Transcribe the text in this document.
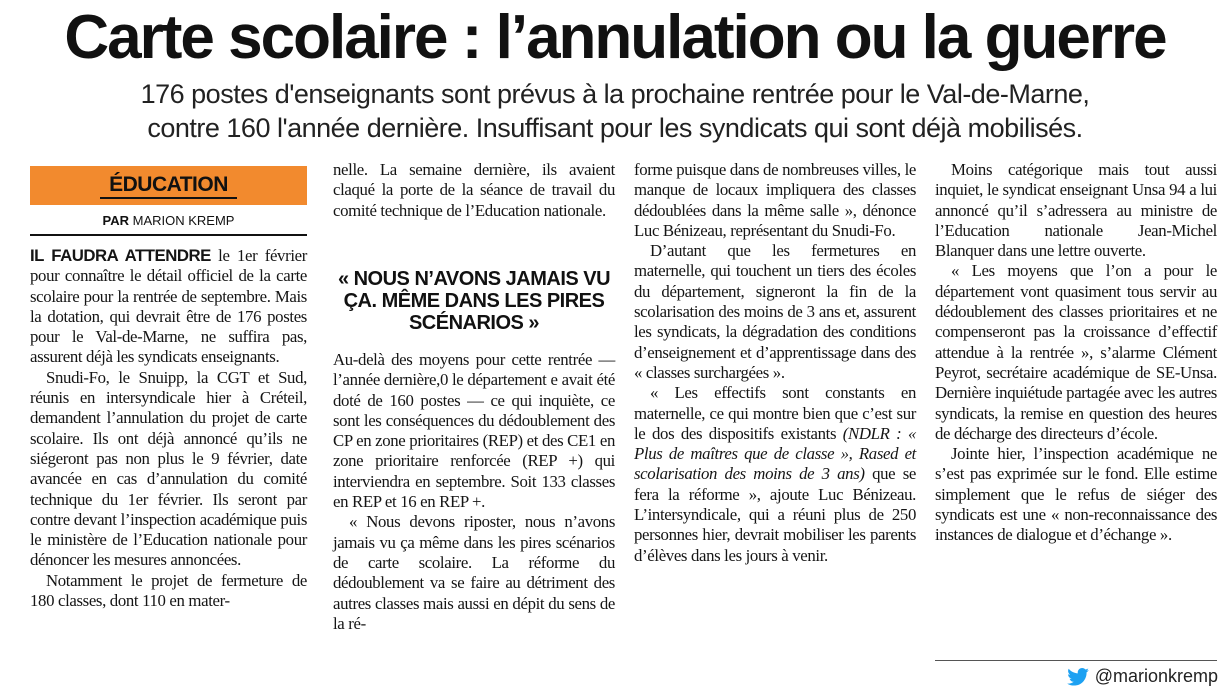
Carte scolaire : l’annulation ou la guerre
176 postes d'enseignants sont prévus à la prochaine rentrée pour le Val-de-Marne,
contre 160 l'année dernière. Insuffisant pour les syndicats qui sont déjà mobilisés.
ÉDUCATION
PAR MARION KREMP

IL FAUDRA ATTENDRE le 1er février pour connaître le détail officiel de la carte scolaire pour la rentrée de septembre. Mais la dotation, qui devrait être de 176 postes pour le Val-de-Marne, ne suffira pas, assurent déjà les syndicats enseignants.

Snudi-Fo, le Snuipp, la CGT et Sud, réunis en intersyndicale hier à Créteil, demandent l’annulation du projet de carte scolaire. Ils ont déjà annoncé qu’ils ne siégeront pas non plus le 9 février, date avancée en cas d’annulation du comité technique du 1er février. Ils seront par contre devant l’inspection académique puis le ministère de l’Education nationale pour dénoncer les mesures annoncées.

Notamment le projet de fermeture de 180 classes, dont 110 en mater-

nelle. La semaine dernière, ils avaient claqué la porte de la séance de travail du comité technique de l’Education nationale.

« NOUS N’AVONS JAMAIS VU ÇA. MÊME DANS LES PIRES SCÉNARIOS »

Au-delà des moyens pour cette rentrée — l’année dernière,0 le département e avait été doté de 160 postes — ce qui inquiète, ce sont les conséquences du dédoublement des CP en zone prioritaires (REP) et des CE1 en zone prioritaire renforcée (REP +) qui interviendra en septembre. Soit 133 classes en REP et 16 en REP +.

« Nous devons riposter, nous n’avons jamais vu ça même dans les pires scénarios de carte scolaire. La réforme du dédoublement va se faire au détriment des autres classes mais aussi en dépit du sens de la ré-

forme puisque dans de nombreuses villes, le manque de locaux impliquera des classes dédoublées dans la même salle », dénonce Luc Bénizeau, représentant du Snudi-Fo.

D’autant que les fermetures en maternelle, qui touchent un tiers des écoles du département, signeront la fin de la scolarisation des moins de 3 ans et, assurent les syndicats, la dégradation des conditions d’enseignement et d’apprentissage dans des « classes surchargées ».

« Les effectifs sont constants en maternelle, ce qui montre bien que c’est sur le dos des dispositifs existants (NDLR : « Plus de maîtres que de classe », Rased et scolarisation des moins de 3 ans) que se fera la réforme », ajoute Luc Bénizeau. L’intersyndicale, qui a réuni plus de 250 personnes hier, devrait mobiliser les parents d’élèves dans les jours à venir.

Moins catégorique mais tout aussi inquiet, le syndicat enseignant Unsa 94 a lui annoncé qu’il s’adressera au ministre de l’Education nationale Jean-Michel Blanquer dans une lettre ouverte.

« Les moyens que l’on a pour le département vont quasiment tous servir au dédoublement des classes prioritaires et ne compenseront pas la croissance d’effectif attendue à la rentrée », s’alarme Clément Peyrot, secrétaire académique de SE-Unsa. Dernière inquiétude partagée avec les autres syndicats, la remise en question des heures de décharge des directeurs d’école.

Jointe hier, l’inspection académique ne s’est pas exprimée sur le fond. Elle estime simplement que le refus de siéger des syndicats est une « non-reconnaissance des instances de dialogue et d’échange ».

@marionkremp
